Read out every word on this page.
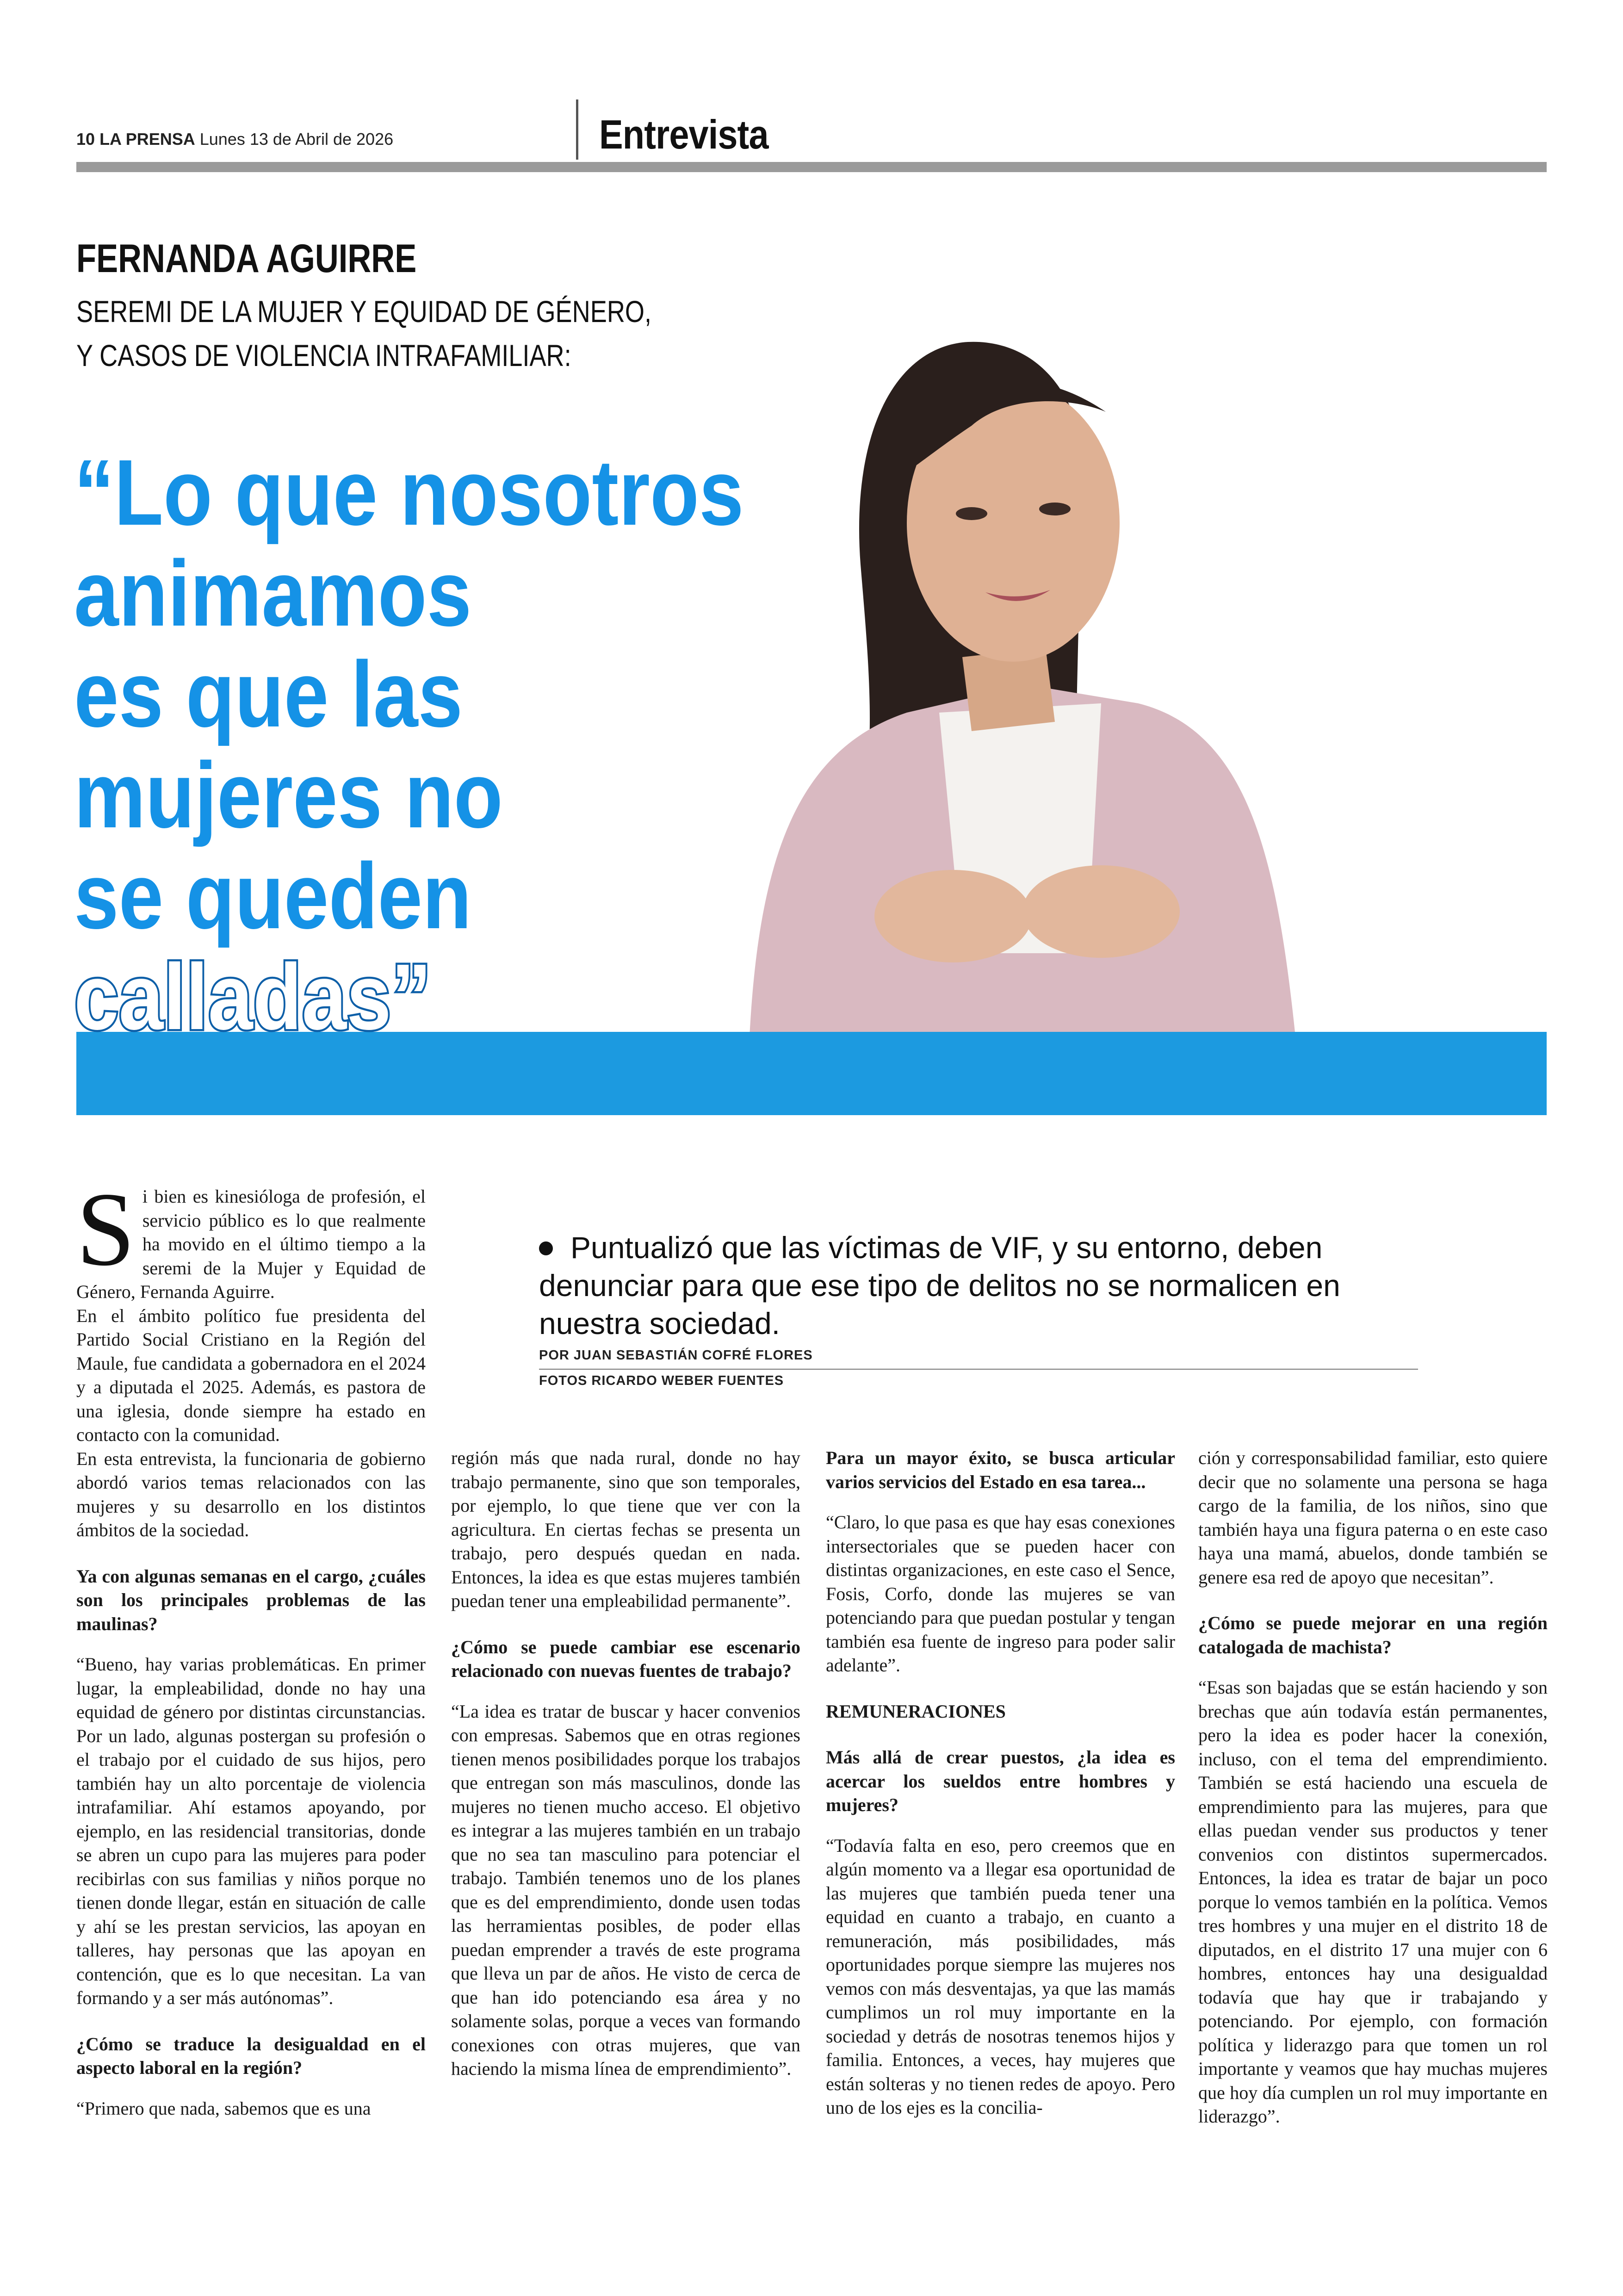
10 LA PRENSA Lunes 13 de Abril de 2026	Entrevista
FERNANDA AGUIRRE
SEREMI DE LA MUJER Y EQUIDAD DE GÉNERO,
Y CASOS DE VIOLENCIA INTRAFAMILIAR:
“Lo que nosotros
animamos
es que las
mujeres no
se queden
calladas”
Puntualizó que las víctimas de VIF, y su entorno, deben denunciar para que ese tipo de delitos no se normalicen en nuestra sociedad.
POR JUAN SEBASTIÁN COFRÉ FLORES
FOTOS RICARDO WEBER FUENTES

Si bien es kinesióloga de profesión, el servicio público es lo que realmente ha movido en el último tiempo a la seremi de la Mujer y Equidad de Género, Fernanda Aguirre.

En el ámbito político fue presidenta del Partido Social Cristiano en la Región del Maule, fue candidata a gobernadora en el 2024 y a diputada el 2025. Además, es pastora de una iglesia, donde siempre ha estado en contacto con la comunidad.

En esta entrevista, la funcionaria de gobierno abordó varios temas relacionados con las mujeres y su desarrollo en los distintos ámbitos de la sociedad.

Ya con algunas semanas en el cargo, ¿cuáles son los principales problemas de las maulinas?

“Bueno, hay varias problemáticas. En primer lugar, la empleabilidad, donde no hay una equidad de género por distintas circunstancias. Por un lado, algunas postergan su profesión o el trabajo por el cuidado de sus hijos, pero también hay un alto porcentaje de violencia intrafamiliar. Ahí estamos apoyando, por ejemplo, en las residencial transitorias, donde se abren un cupo para las mujeres para poder recibirlas con sus familias y niños porque no tienen donde llegar, están en situación de calle y ahí se les prestan servicios, las apoyan en talleres, hay personas que las apoyan en contención, que es lo que necesitan. La van formando y a ser más autónomas”.

¿Cómo se traduce la desigualdad en el aspecto laboral en la región?

“Primero que nada, sabemos que es una

región más que nada rural, donde no hay trabajo permanente, sino que son temporales, por ejemplo, lo que tiene que ver con la agricultura. En ciertas fechas se presenta un trabajo, pero después quedan en nada. Entonces, la idea es que estas mujeres también puedan tener una empleabilidad permanente”.

¿Cómo se puede cambiar ese escenario relacionado con nuevas fuentes de trabajo?

“La idea es tratar de buscar y hacer convenios con empresas. Sabemos que en otras regiones tienen menos posibilidades porque los trabajos que entregan son más masculinos, donde las mujeres no tienen mucho acceso. El objetivo es integrar a las mujeres también en un trabajo que no sea tan masculino para potenciar el trabajo. También tenemos uno de los planes que es del emprendimiento, donde usen todas las herramientas posibles, de poder ellas puedan emprender a través de este programa que lleva un par de años. He visto de cerca de que han ido potenciando esa área y no solamente solas, porque a veces van formando conexiones con otras mujeres, que van haciendo la misma línea de emprendimiento”.

Para un mayor éxito, se busca articular varios servicios del Estado en esa tarea...

“Claro, lo que pasa es que hay esas conexiones intersectoriales que se pueden hacer con distintas organizaciones, en este caso el Sence, Fosis, Corfo, donde las mujeres se van potenciando para que puedan postular y tengan también esa fuente de ingreso para poder salir adelante”.

REMUNERACIONES

Más allá de crear puestos, ¿la idea es acercar los sueldos entre hombres y mujeres?

“Todavía falta en eso, pero creemos que en algún momento va a llegar esa oportunidad de las mujeres que también pueda tener una equidad en cuanto a trabajo, en cuanto a remuneración, más posibilidades, más oportunidades porque siempre las mujeres nos vemos con más desventajas, ya que las mamás cumplimos un rol muy importante en la sociedad y detrás de nosotras tenemos hijos y familia. Entonces, a veces, hay mujeres que están solteras y no tienen redes de apoyo. Pero uno de los ejes es la concilia-

ción y corresponsabilidad familiar, esto quiere decir que no solamente una persona se haga cargo de la familia, de los niños, sino que también haya una figura paterna o en este caso haya una mamá, abuelos, donde también se genere esa red de apoyo que necesitan”.

¿Cómo se puede mejorar en una región catalogada de machista?

“Esas son bajadas que se están haciendo y son brechas que aún todavía están permanentes, pero la idea es poder hacer la conexión, incluso, con el tema del emprendimiento. También se está haciendo una escuela de emprendimiento para las mujeres, para que ellas puedan vender sus productos y tener convenios con distintos supermercados. Entonces, la idea es tratar de bajar un poco porque lo vemos también en la política. Vemos tres hombres y una mujer en el distrito 18 de diputados, en el distrito 17 una mujer con 6 hombres, entonces hay una desigualdad todavía que hay que ir trabajando y potenciando. Por ejemplo, con formación política y liderazgo para que tomen un rol importante y veamos que hay muchas mujeres que hoy día cumplen un rol muy importante en liderazgo”.
